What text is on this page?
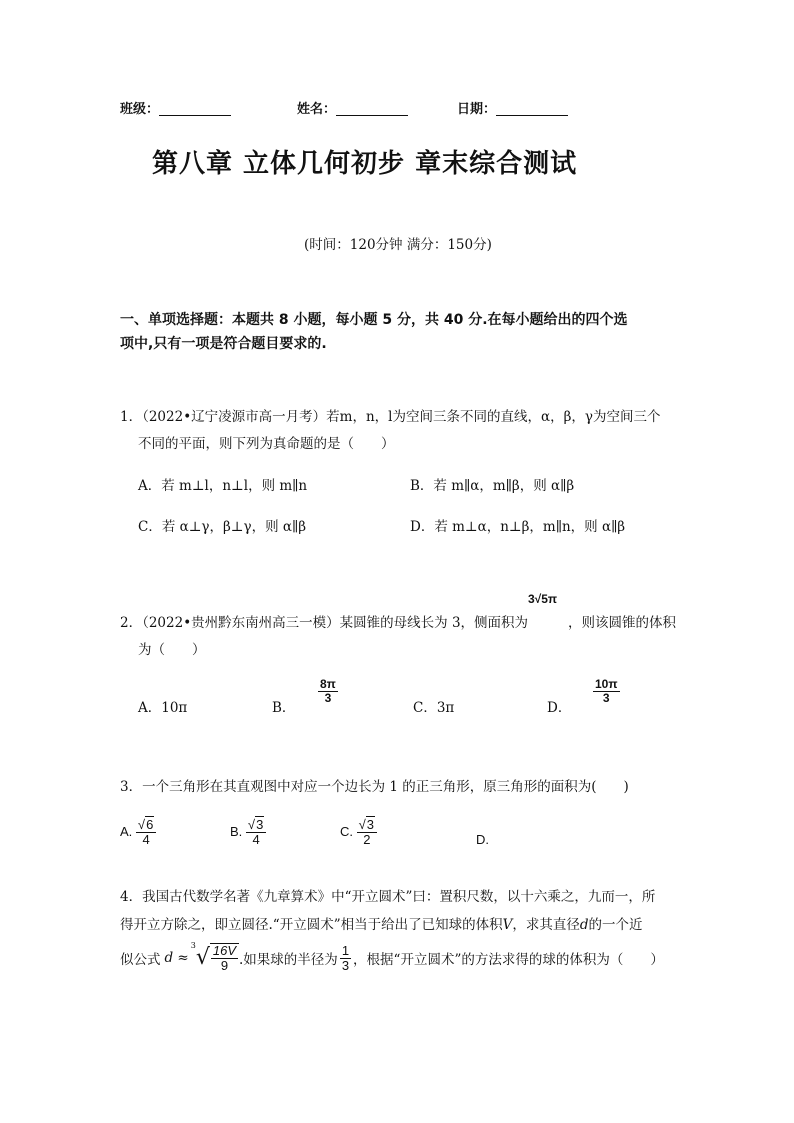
班级：	姓名：	日期：
第八章 立体几何初步 章末综合测试
(时间：120分钟 满分：150分)
一、单项选择题：本题共 8 小题，每小题 5 分，共 40 分.在每小题给出的四个选
项中,只有一项是符合题目要求的.
1．（2022•辽宁凌源市高一月考）若m，n，l为空间三条不同的直线，α，β，γ为空间三个
不同的平面，则下列为真命题的是（　　）
A．若 m⊥l，n⊥l，则 m∥n	B．若 m∥α，m∥β，则 α∥β
C．若 α⊥γ，β⊥γ，则 α∥β	D．若 m⊥α，n⊥β，m∥n，则 α∥β
3√5π
2．（2022•贵州黔东南州高三一模）某圆锥的母线长为 3，侧面积为	，则该圆锥的体积
为（　　）
A．10π	B．
$\frac{8\pi}{3}$
C．3π	D．
$\frac{10\pi}{3}$
3．一个三角形在其直观图中对应一个边长为 1 的正三角形，原三角形的面积为(　　)
A. $\frac{√6}{4}$	B. $\frac{√3}{4}$	C. $\frac{√3}{2}$	D.
4．我国古代数学名著《九章算术》中“开立圆术”曰：置积尺数，以十六乘之，九而一，所
得开立方除之，即立圆径.“开立圆术”相当于给出了已知球的体积V，求其直径d的一个近
似公式 d ≈
3 √ $\frac{16V}{9}$ .如果球的半径为 $\frac{1}{3}$ ，根据“开立圆术”的方法求得的球的体积为（　　）
